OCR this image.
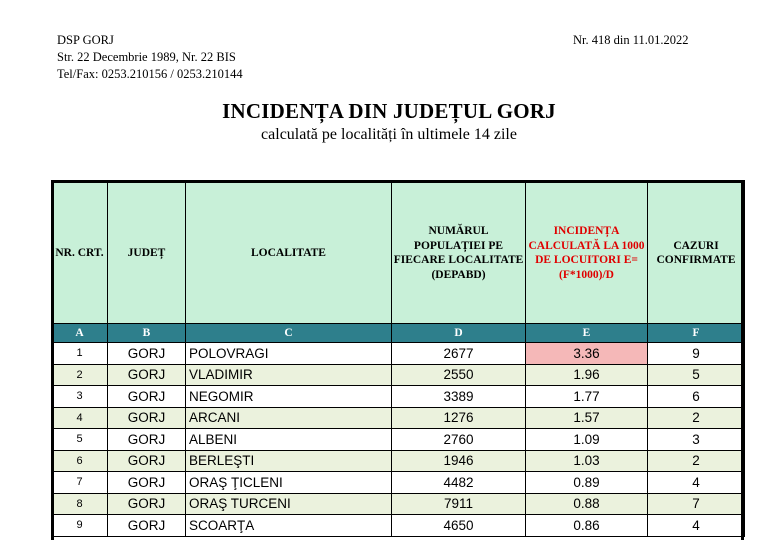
DSP GORJ
Str. 22 Decembrie 1989, Nr. 22 BIS
Tel/Fax: 0253.210156 / 0253.210144
Nr. 418 din 11.01.2022
INCIDENȚA DIN JUDEȚUL GORJ
calculată pe localități în ultimele 14 zile
NR. CRT.	JUDEȚ	LOCALITATE	NUMĂRUL POPULAȚIEI PE FIECARE LOCALITATE (DEPABD)	INCIDENȚA CALCULATĂ LA 1000 DE LOCUITORI E=(F*1000)/D	CAZURI CONFIRMATE
A	B	C	D	E	F
1	GORJ	POLOVRAGI	2677	3.36	9
2	GORJ	VLADIMIR	2550	1.96	5
3	GORJ	NEGOMIR	3389	1.77	6
4	GORJ	ARCANI	1276	1.57	2
5	GORJ	ALBENI	2760	1.09	3
6	GORJ	BERLEŞTI	1946	1.03	2
7	GORJ	ORAŞ ŢICLENI	4482	0.89	4
8	GORJ	ORAŞ TURCENI	7911	0.88	7
9	GORJ	SCOARŢA	4650	0.86	4
